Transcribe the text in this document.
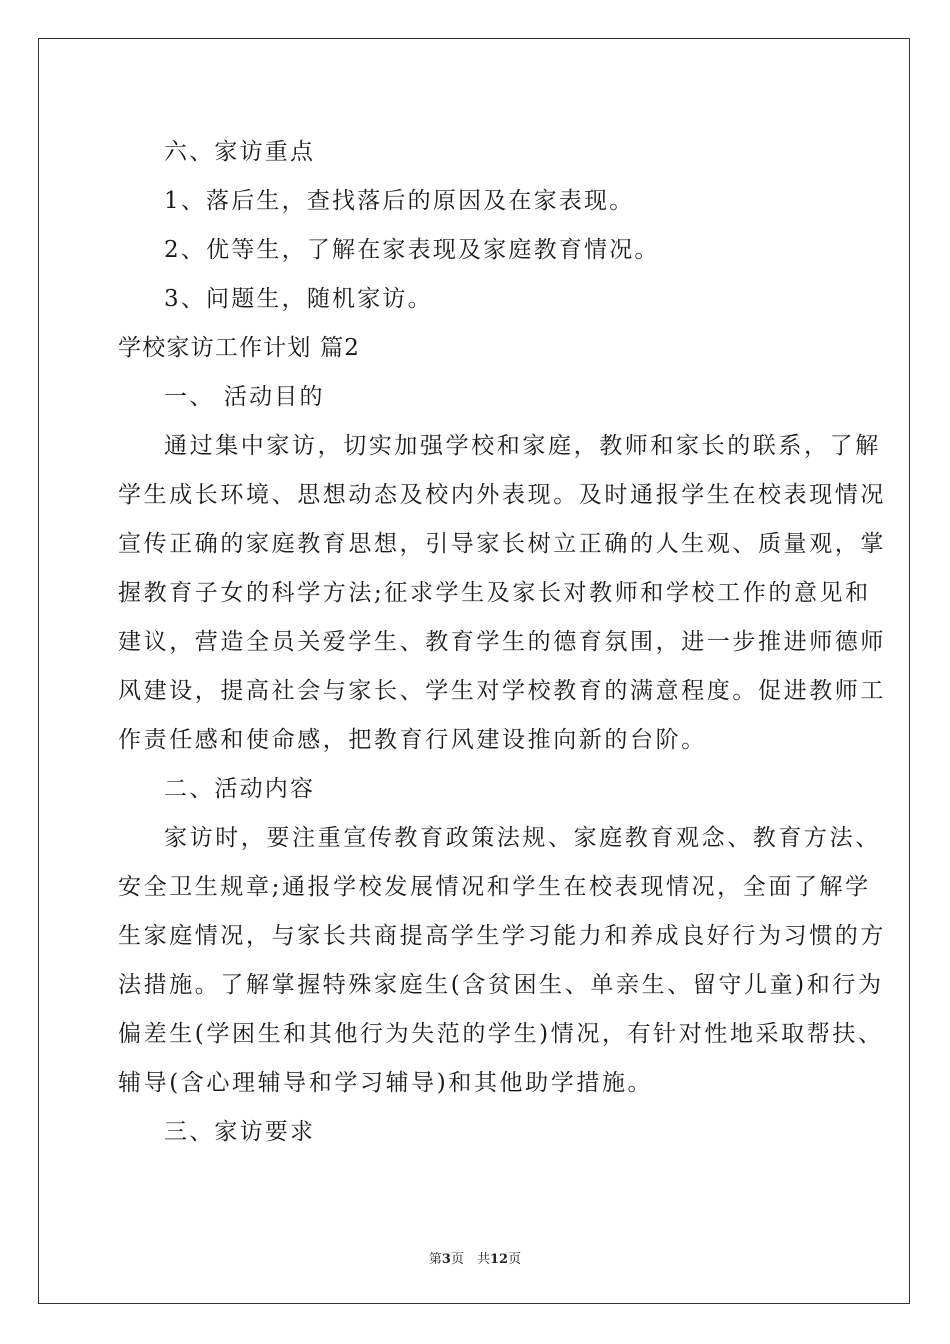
六、家访重点
1、落后生，查找落后的原因及在家表现。
2、优等生，了解在家表现及家庭教育情况。
3、问题生，随机家访。
学校家访工作计划 篇2
一、 活动目的
通过集中家访，切实加强学校和家庭，教师和家长的联系，了解
学生成长环境、思想动态及校内外表现。及时通报学生在校表现情况
宣传正确的家庭教育思想，引导家长树立正确的人生观、质量观，掌
握教育子女的科学方法;征求学生及家长对教师和学校工作的意见和
建议，营造全员关爱学生、教育学生的德育氛围，进一步推进师德师
风建设，提高社会与家长、学生对学校教育的满意程度。促进教师工
作责任感和使命感，把教育行风建设推向新的台阶。
二、活动内容
家访时，要注重宣传教育政策法规、家庭教育观念、教育方法、
安全卫生规章;通报学校发展情况和学生在校表现情况，全面了解学
生家庭情况，与家长共商提高学生学习能力和养成良好行为习惯的方
法措施。了解掌握特殊家庭生(含贫困生、单亲生、留守儿童)和行为
偏差生(学困生和其他行为失范的学生)情况，有针对性地采取帮扶、
辅导(含心理辅导和学习辅导)和其他助学措施。
三、家访要求
第3页　共12页
